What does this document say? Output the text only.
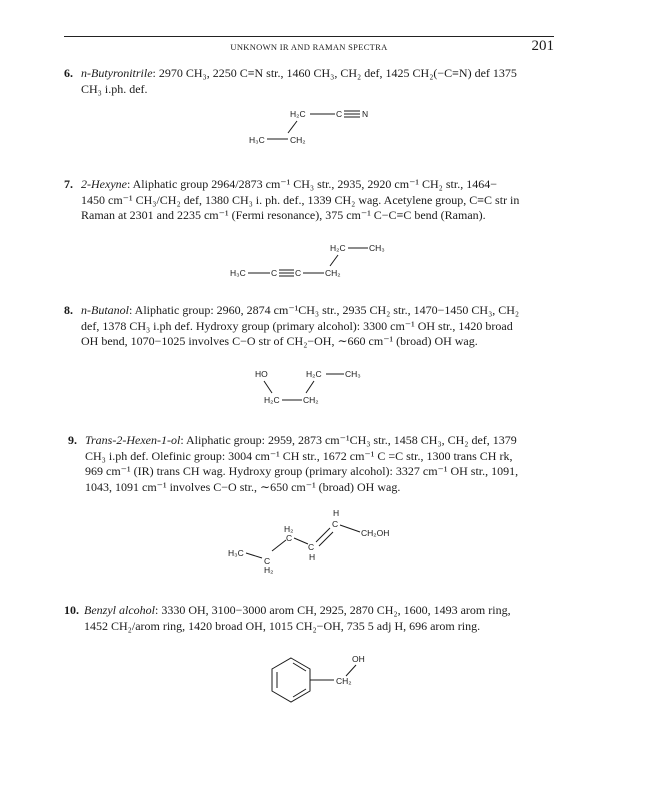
UNKNOWN IR AND RAMAN SPECTRA	201
6. n-Butyronitrile: 2970 CH₃, 2250 C≡N str., 1460 CH₃, CH₂ def, 1425 CH₂(−C≡N) def 1375
CH₃ i.ph. def.
H₂C	C N
H₃C	CH₂
7. 2-Hexyne: Aliphatic group 2964/2873 cm⁻¹ CH₃ str., 2935, 2920 cm⁻¹ CH₂ str., 1464−
1450 cm⁻¹ CH₃/CH₂ def, 1380 CH₃ i. ph. def., 1339 CH₂ wag. Acetylene group, C≡C str in
Raman at 2301 and 2235 cm⁻¹ (Fermi resonance), 375 cm⁻¹ C−C≡C bend (Raman).
H₂C	CH₃
H₃C	C C	CH₂
8. n-Butanol: Aliphatic group: 2960, 2874 cm⁻¹CH₃ str., 2935 CH₂ str., 1470−1450 CH₃, CH₂
def, 1378 CH₃ i.ph def. Hydroxy group (primary alcohol): 3300 cm⁻¹ OH str., 1420 broad
OH bend, 1070−1025 involves C−O str of CH₂−OH, ∼660 cm⁻¹ (broad) OH wag.
HO	H₂C	CH₃
H₂C	CH₂
9. Trans-2-Hexen-1-ol: Aliphatic group: 2959, 2873 cm⁻¹CH₃ str., 1458 CH₃, CH₂ def, 1379
CH₃ i.ph def. Olefinic group: 3004 cm⁻¹ CH str., 1672 cm⁻¹ C =C str., 1300 trans CH rk,
969 cm⁻¹ (IR) trans CH wag. Hydroxy group (primary alcohol): 3327 cm⁻¹ OH str., 1091,
1043, 1091 cm⁻¹ involves C−O str., ∼650 cm⁻¹ (broad) OH wag.
H
C
CH₂OH
H₂
C
C
H
H₃C
C
H₂
10. Benzyl alcohol: 3330 OH, 3100−3000 arom CH, 2925, 2870 CH₂, 1600, 1493 arom ring,
1452 CH₂/arom ring, 1420 broad OH, 1015 CH₂−OH, 735 5 adj H, 696 arom ring.
OH
CH₂
